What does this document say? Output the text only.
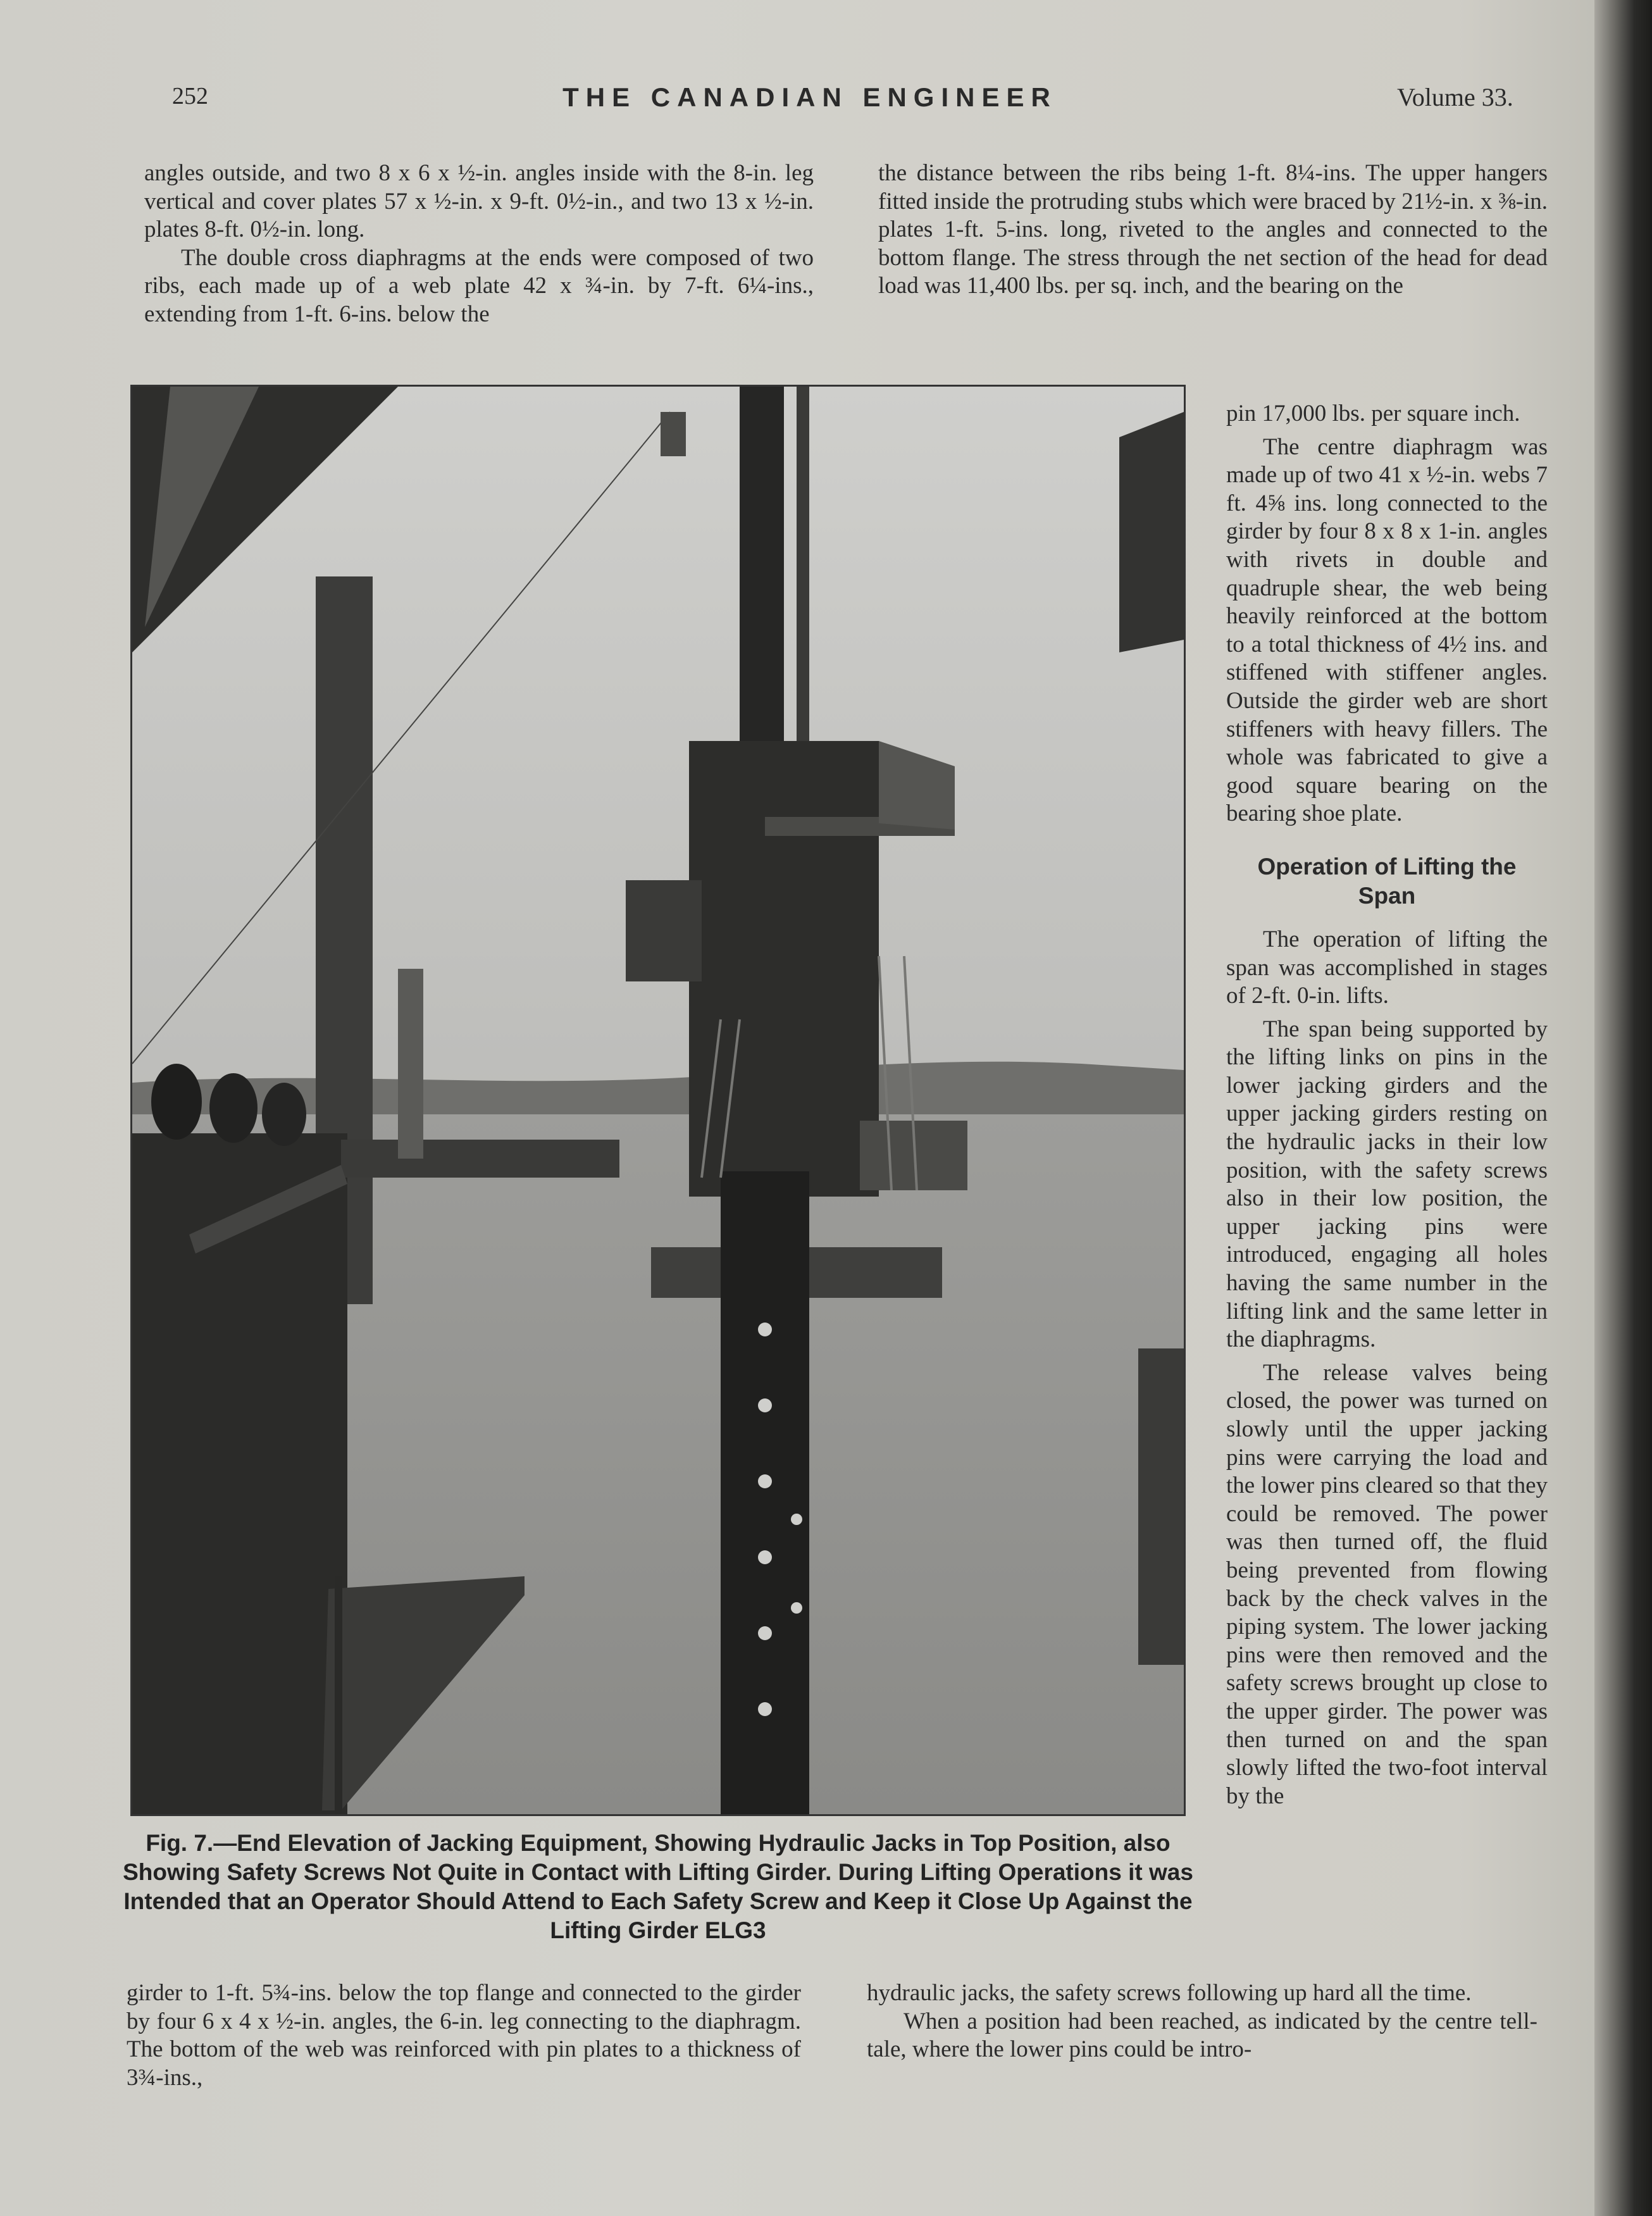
252	THE CANADIAN ENGINEER	Volume 33.

angles outside, and two 8 x 6 x ½-in. angles inside with the 8-in. leg vertical and cover plates 57 x ½-in. x 9-ft. 0½-in., and two 13 x ½-in. plates 8-ft. 0½-in. long.

The double cross diaphragms at the ends were composed of two ribs, each made up of a web plate 42 x ¾-in. by 7-ft. 6¼-ins., extending from 1-ft. 6-ins. below the

the distance between the ribs being 1-ft. 8¼-ins. The upper hangers fitted inside the protruding stubs which were braced by 21½-in. x ⅜-in. plates 1-ft. 5-ins. long, riveted to the angles and connected to the bottom flange. The stress through the net section of the head for dead load was 11,400 lbs. per sq. inch, and the bearing on the

pin 17,000 lbs. per square inch.

The centre diaphragm was made up of two 41 x ½-in. webs 7 ft. 4⅝ ins. long connected to the girder by four 8 x 8 x 1-in. angles with rivets in double and quadruple shear, the web being heavily reinforced at the bottom to a total thickness of 4½ ins. and stiffened with stiffener angles. Outside the girder web are short stiffeners with heavy fillers. The whole was fabricated to give a good square bearing on the bearing shoe plate.

Operation of Lifting the Span

The operation of lifting the span was accomplished in stages of 2-ft. 0-in. lifts.

The span being supported by the lifting links on pins in the lower jacking girders and the upper jacking girders resting on the hydraulic jacks in their low position, with the safety screws also in their low position, the upper jacking pins were introduced, engaging all holes having the same number in the lifting link and the same letter in the diaphragms.

The release valves being closed, the power was turned on slowly until the upper jacking pins were carrying the load and the lower pins cleared so that they could be removed. The power was then turned off, the fluid being prevented from flowing back by the check valves in the piping system. The lower jacking pins were then removed and the safety screws brought up close to the upper girder. The power was then turned on and the span slowly lifted the two-foot interval by the

Fig. 7.—End Elevation of Jacking Equipment, Showing Hydraulic Jacks in Top Position, also Showing Safety Screws Not Quite in Contact with Lifting Girder. During Lifting Operations it was Intended that an Operator Should Attend to Each Safety Screw and Keep it Close Up Against the Lifting Girder ELG3

girder to 1-ft. 5¾-ins. below the top flange and connected to the girder by four 6 x 4 x ½-in. angles, the 6-in. leg connecting to the diaphragm. The bottom of the web was reinforced with pin plates to a thickness of 3¾-ins.,

hydraulic jacks, the safety screws following up hard all the time.

When a position had been reached, as indicated by the centre tell-tale, where the lower pins could be intro-
